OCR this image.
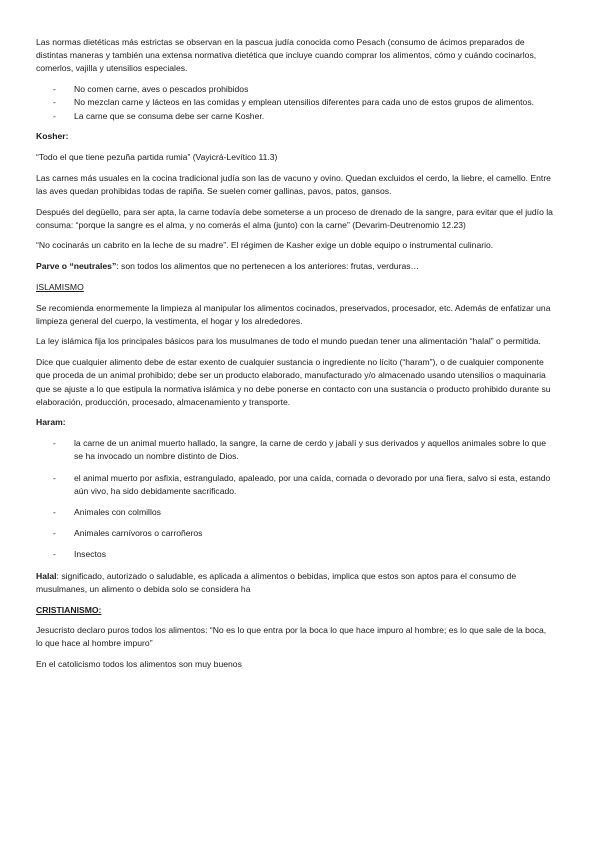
Las normas dietéticas más estrictas se observan en la pascua judía conocida como Pesach (consumo de ácimos preparados de distintas maneras y también una extensa normativa dietética que incluye cuando comprar los alimentos, cómo y cuándo cocinarlos, comerlos, vajilla y utensilios especiales.

- No comen carne, aves o pescados prohibidos
- No mezclan carne y lácteos en las comidas y emplean utensilios diferentes para cada uno de estos grupos de alimentos.
- La carne que se consuma debe ser carne Kosher.

Kosher:

“Todo el que tiene pezuña partida rumia” (Vayicrá-Levítico 11.3)

Las carnes más usuales en la cocina tradicional judía son las de vacuno y ovino. Quedan excluidos el cerdo, la liebre, el camello. Entre las aves quedan prohibidas todas de rapiña. Se suelen comer gallinas, pavos, patos, gansos.

Después del degüello, para ser apta, la carne todavía debe someterse a un proceso de drenado de la sangre, para evitar que el judío la consuma: “porque la sangre es el alma, y no comerás el alma (junto) con la carne” (Devarim-Deutrenomio 12.23)

“No cocinarás un cabrito en la leche de su madre”. El régimen de Kasher exige un doble equipo o instrumental culinario.

Parve o “neutrales”: son todos los alimentos que no pertenecen a los anteriores: frutas, verduras…

ISLAMISMO

Se recomienda enormemente la limpieza al manipular los alimentos cocinados, preservados, procesador, etc. Además de enfatizar una limpieza general del cuerpo, la vestimenta, el hogar y los alrededores.

La ley islámica fija los principales básicos para los musulmanes de todo el mundo puedan tener una alimentación “halal” o permitida.

Dice que cualquier alimento debe de estar exento de cualquier sustancia o ingrediente no lícito (“haram”), o de cualquier componente que proceda de un animal prohibido; debe ser un producto elaborado, manufacturado y/o almacenado usando utensilios o maquinaria que se ajuste a lo que estipula la normativa islámica y no debe ponerse en contacto con una sustancia o producto prohibido durante su elaboración, producción, procesado, almacenamiento y transporte.

Haram:

- la carne de un animal muerto hallado, la sangre, la carne de cerdo y jabalí y sus derivados y aquellos animales sobre lo que se ha invocado un nombre distinto de Dios.
- el animal muerto por asfixia, estrangulado, apaleado, por una caída, cornada o devorado por una fiera, salvo si esta, estando aún vivo, ha sido debidamente sacrificado.
- Animales con colmillos
- Animales carnívoros o carroñeros
- Insectos

Halal: significado, autorizado o saludable, es aplicada a alimentos o bebidas, implica que estos son aptos para el consumo de musulmanes, un alimento o debida solo se considera ha

CRISTIANISMO:

Jesucristo declaro puros todos los alimentos: “No es lo que entra por la boca lo que hace impuro al hombre; es lo que sale de la boca, lo que hace al hombre impuro”

En el catolicismo todos los alimentos son muy buenos
